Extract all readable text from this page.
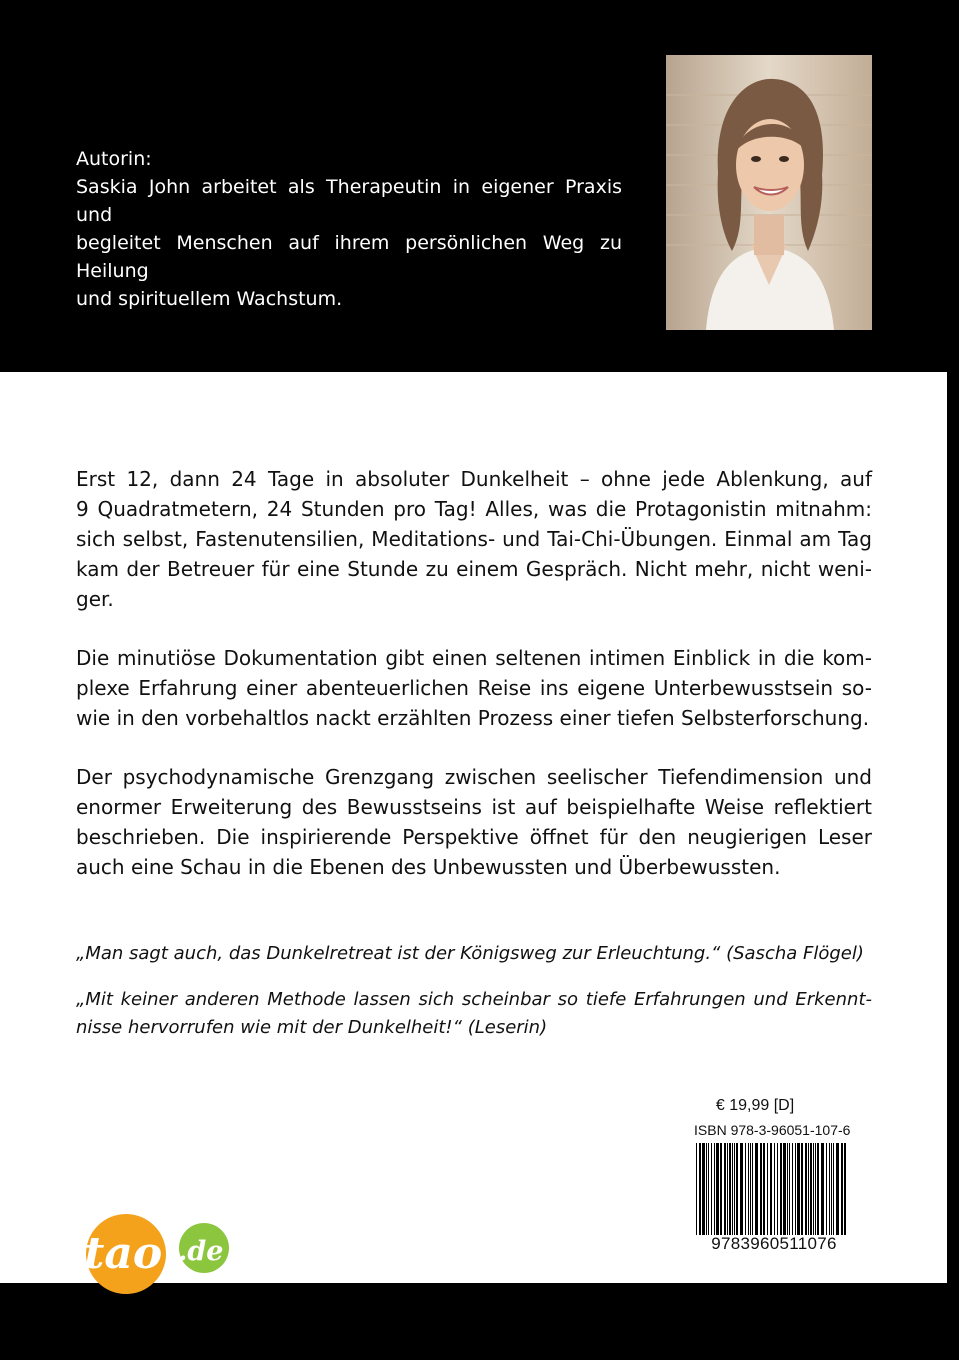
Autorin:
Saskia John arbeitet als Therapeutin in eigener Praxis und
begleitet Menschen auf ihrem persönlichen Weg zu Heilung
und spirituellem Wachstum.
Erst 12, dann 24 Tage in absoluter Dunkelheit – ohne jede Ablenkung, auf
9 Quadratmetern, 24 Stunden pro Tag! Alles, was die Protagonistin mitnahm:
sich selbst, Fastenutensilien, Meditations- und Tai-Chi-Übungen. Einmal am Tag
kam der Betreuer für eine Stunde zu einem Gespräch. Nicht mehr, nicht weni-
ger.
Die minutiöse Dokumentation gibt einen seltenen intimen Einblick in die kom-
plexe Erfahrung einer abenteuerlichen Reise ins eigene Unterbewusstsein so-
wie in den vorbehaltlos nackt erzählten Prozess einer tiefen Selbsterforschung.
Der psychodynamische Grenzgang zwischen seelischer Tiefendimension und
enormer Erweiterung des Bewusstseins ist auf beispielhafte Weise reflektiert
beschrieben. Die inspirierende Perspektive öffnet für den neugierigen Leser
auch eine Schau in die Ebenen des Unbewussten und Überbewussten.
„Man sagt auch, das Dunkelretreat ist der Königsweg zur Erleuchtung.“ (Sascha Flögel)
„Mit keiner anderen Methode lassen sich scheinbar so tiefe Erfahrungen und Erkennt-
nisse hervorrufen wie mit der Dunkelheit!“ (Leserin)
€ 19,99 [D]
ISBN 978-3-96051-107-6
9783960511076
tao .de
